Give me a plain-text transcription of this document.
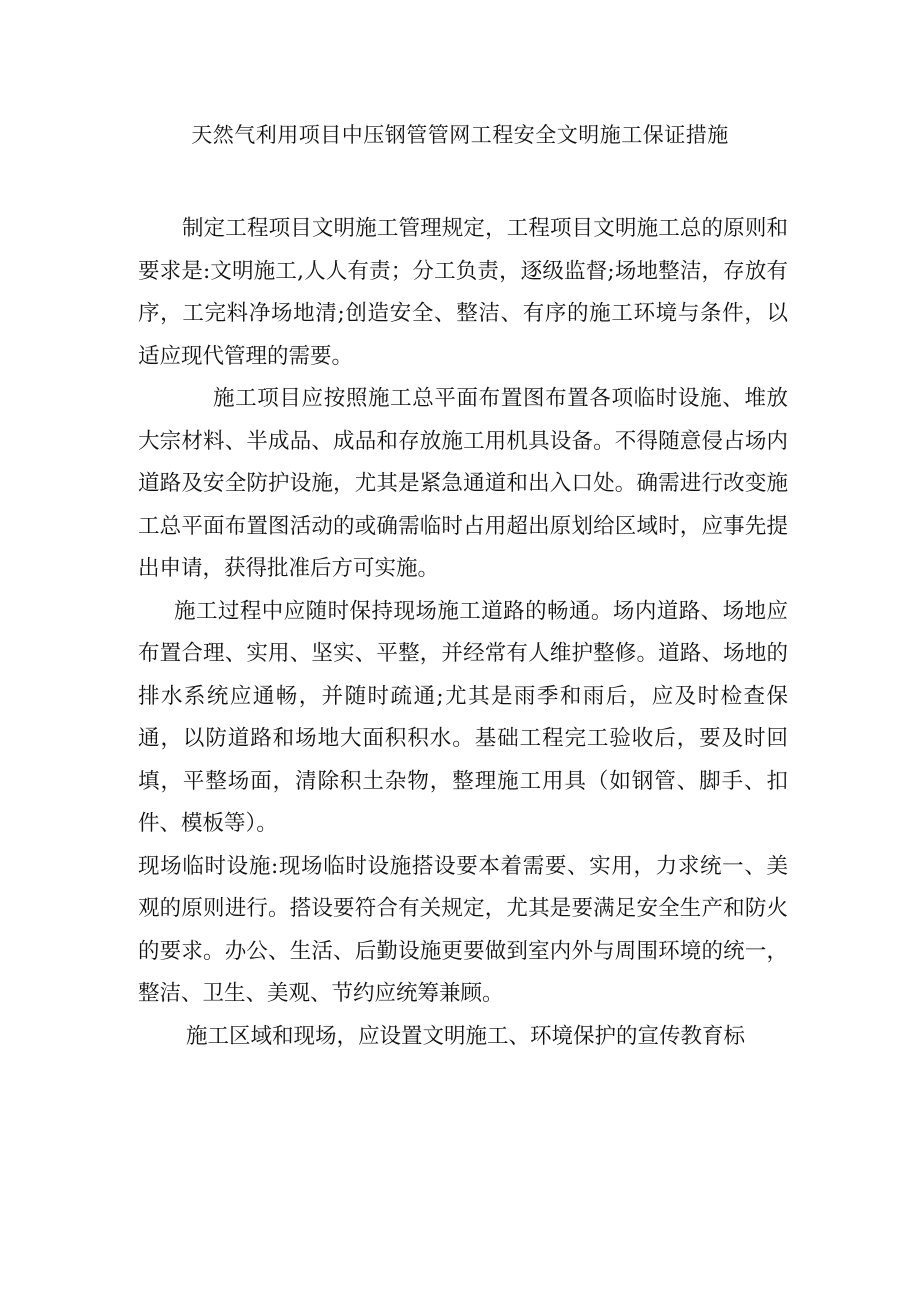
天然气利用项目中压钢管管网工程安全文明施工保证措施

制定工程项目文明施工管理规定，工程项目文明施工总的原则和要求是:文明施工,人人有责；分工负责，逐级监督;场地整洁，存放有序，工完料净场地清;创造安全、整洁、有序的施工环境与条件，以适应现代管理的需要。

施工项目应按照施工总平面布置图布置各项临时设施、堆放大宗材料、半成品、成品和存放施工用机具设备。不得随意侵占场内道路及安全防护设施，尤其是紧急通道和出入口处。确需进行改变施工总平面布置图活动的或确需临时占用超出原划给区域时，应事先提出申请，获得批准后方可实施。

施工过程中应随时保持现场施工道路的畅通。场内道路、场地应布置合理、实用、坚实、平整，并经常有人维护整修。道路、场地的排水系统应通畅，并随时疏通;尤其是雨季和雨后，应及时检查保通，以防道路和场地大面积积水。基础工程完工验收后，要及时回填，平整场面，清除积土杂物，整理施工用具（如钢管、脚手、扣件、模板等）。

现场临时设施:现场临时设施搭设要本着需要、实用，力求统一、美观的原则进行。搭设要符合有关规定，尤其是要满足安全生产和防火的要求。办公、生活、后勤设施更要做到室内外与周围环境的统一，整洁、卫生、美观、节约应统筹兼顾。

施工区域和现场，应设置文明施工、环境保护的宣传教育标
